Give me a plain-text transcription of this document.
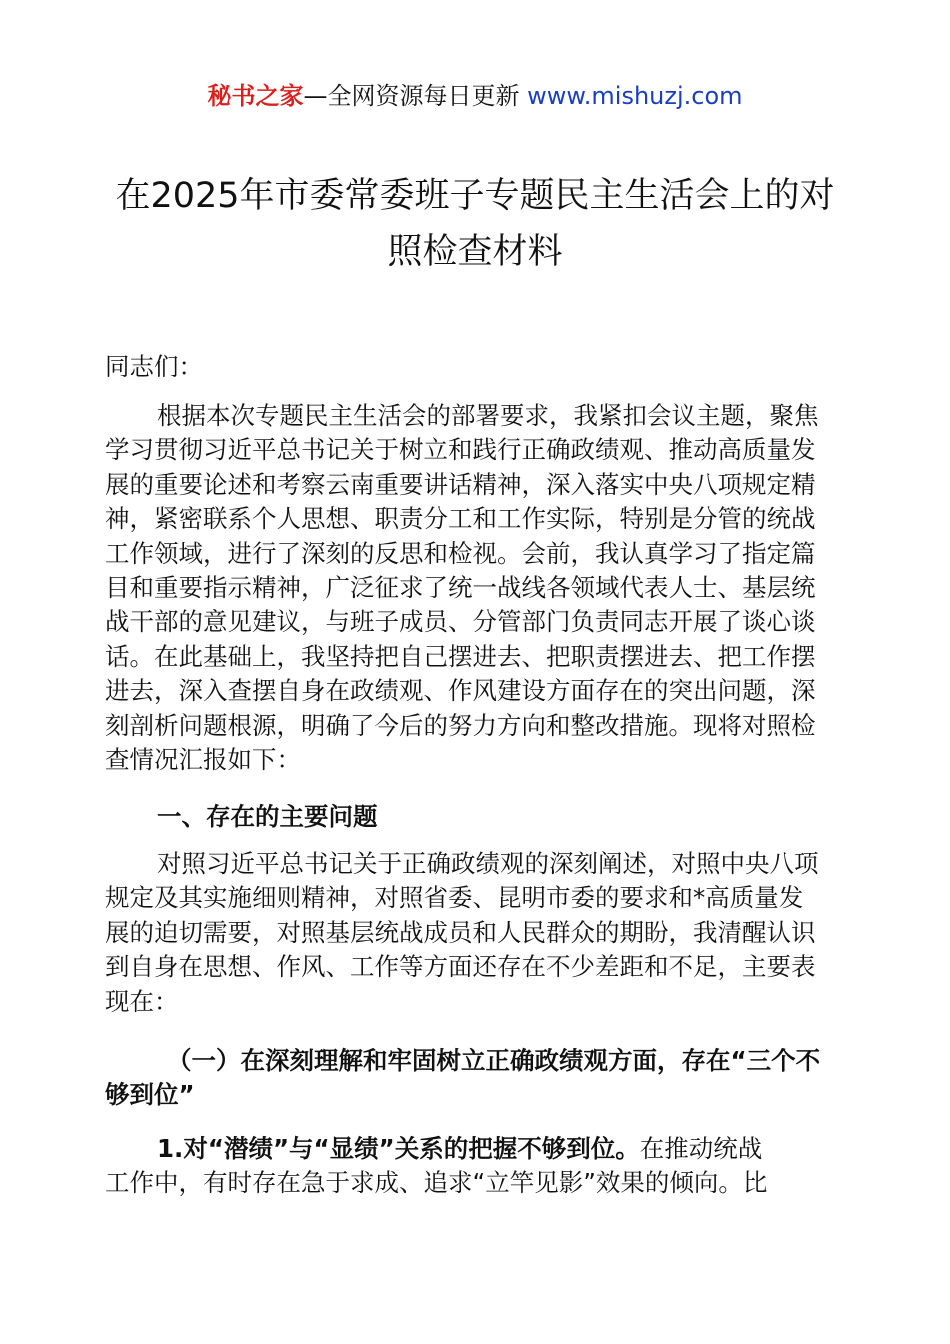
秘书之家—全网资源每日更新 www.mishuzj.com
在2025年市委常委班子专题民主生活会上的对
照检查材料
同志们：
根据本次专题民主生活会的部署要求，我紧扣会议主题，聚焦
学习贯彻习近平总书记关于树立和践行正确政绩观、推动高质量发
展的重要论述和考察云南重要讲话精神，深入落实中央八项规定精
神，紧密联系个人思想、职责分工和工作实际，特别是分管的统战
工作领域，进行了深刻的反思和检视。会前，我认真学习了指定篇
目和重要指示精神，广泛征求了统一战线各领域代表人士、基层统
战干部的意见建议，与班子成员、分管部门负责同志开展了谈心谈
话。在此基础上，我坚持把自己摆进去、把职责摆进去、把工作摆
进去，深入查摆自身在政绩观、作风建设方面存在的突出问题，深
刻剖析问题根源，明确了今后的努力方向和整改措施。现将对照检
查情况汇报如下：
一、存在的主要问题
对照习近平总书记关于正确政绩观的深刻阐述，对照中央八项
规定及其实施细则精神，对照省委、昆明市委的要求和*高质量发
展的迫切需要，对照基层统战成员和人民群众的期盼，我清醒认识
到自身在思想、作风、工作等方面还存在不少差距和不足，主要表
现在：
（一）在深刻理解和牢固树立正确政绩观方面，存在“三个不
够到位”
1.对“潜绩”与“显绩”关系的把握不够到位。在推动统战
工作中，有时存在急于求成、追求“立竿见影”效果的倾向。比
